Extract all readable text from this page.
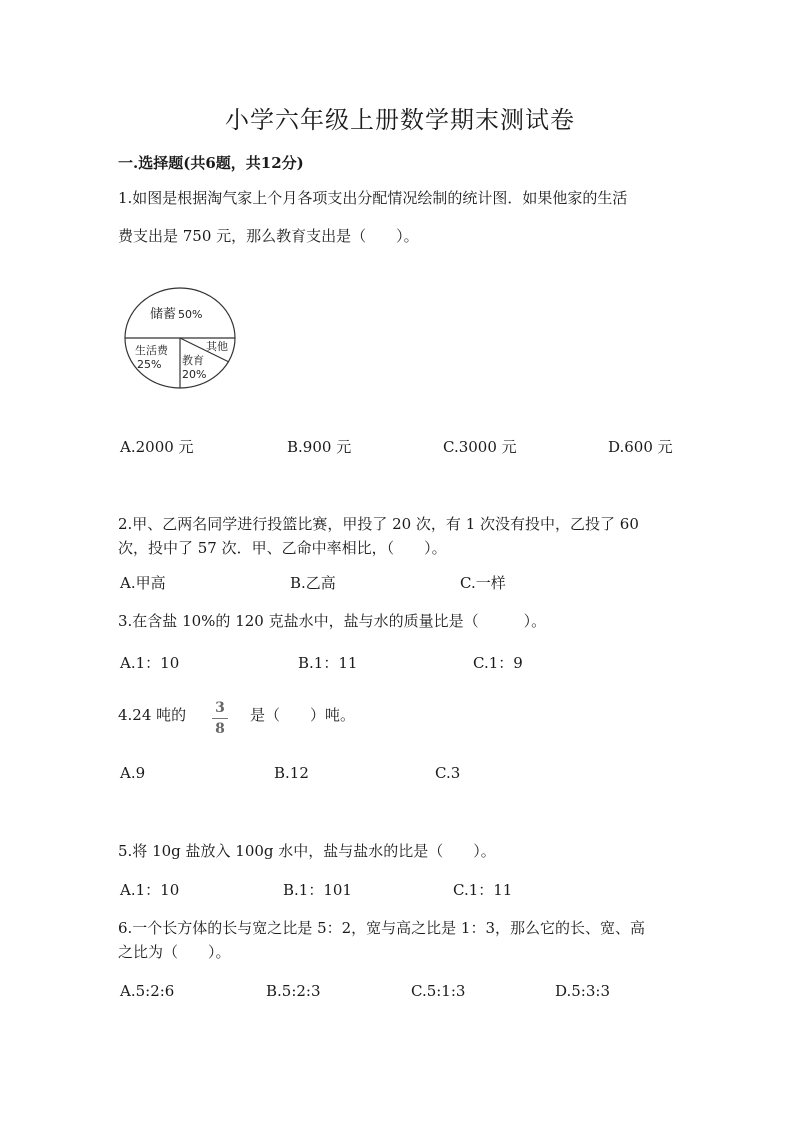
小学六年级上册数学期末测试卷
一.选择题(共6题，共12分)
1.如图是根据淘气家上个月各项支出分配情况绘制的统计图．如果他家的生活
费支出是 750 元，那么教育支出是（　　）。
储蓄 50%
生活费
25% 教育
20%
其他
A.2000 元	B.900 元	C.3000 元	D.600 元
2.甲、乙两名同学进行投篮比赛，甲投了 20 次，有 1 次没有投中，乙投了 60
次，投中了 57 次．甲、乙命中率相比，（　　）。
A.甲高	B.乙高	C.一样
3.在含盐 10%的 120 克盐水中，盐与水的质量比是（　　　）。
A.1：10	B.1：11	C.1：9
4.24 吨的	3
8
是（　　）吨。
A.9	B.12	C.3
5.将 10g 盐放入 100g 水中，盐与盐水的比是（　　）。
A.1：10	B.1：101	C.1：11
6.一个长方体的长与宽之比是 5：2，宽与高之比是 1：3，那么它的长、宽、高
之比为（　　）。
A.5:2:6	B.5:2:3	C.5:1:3	D.5:3:3
